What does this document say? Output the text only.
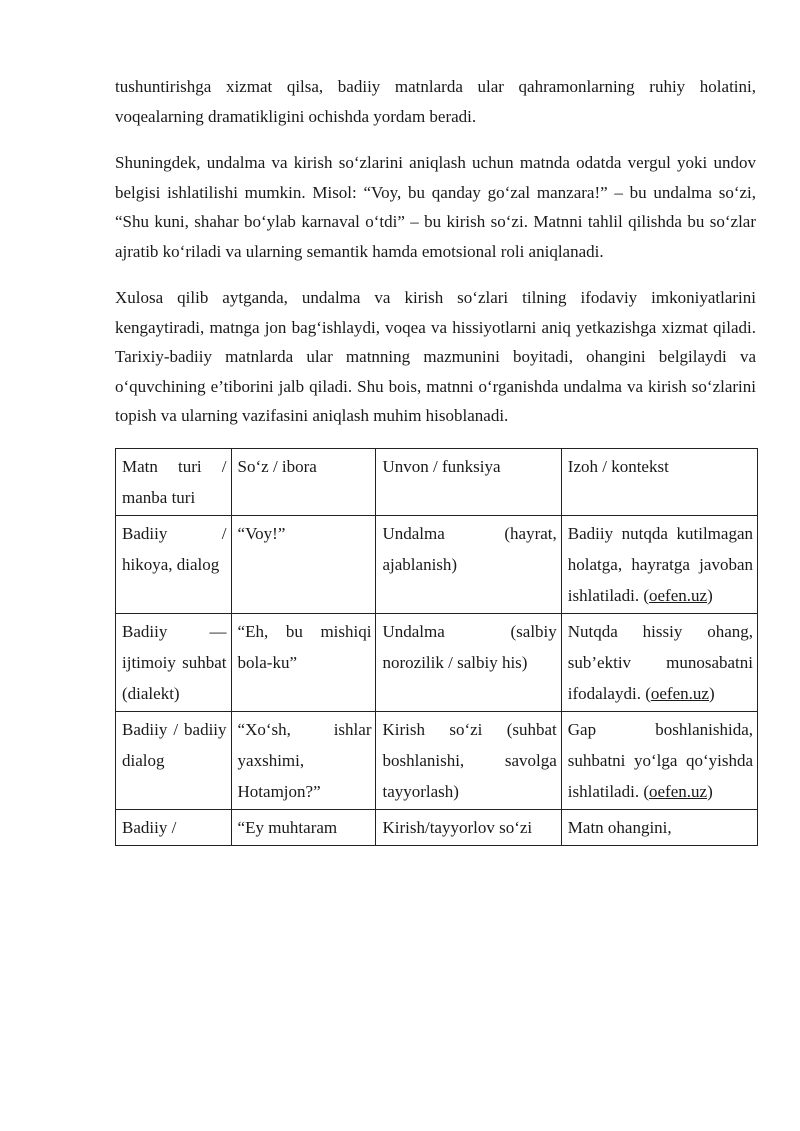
tushuntirishga xizmat qilsa, badiiy matnlarda ular qahramonlarning ruhiy holatini, voqealarning dramatikligini ochishda yordam beradi.

Shuningdek, undalma va kirish so‘zlarini aniqlash uchun matnda odatda vergul yoki undov belgisi ishlatilishi mumkin. Misol: “Voy, bu qanday go‘zal manzara!” – bu undalma so‘zi, “Shu kuni, shahar bo‘ylab karnaval o‘tdi” – bu kirish so‘zi. Matnni tahlil qilishda bu so‘zlar ajratib ko‘riladi va ularning semantik hamda emotsional roli aniqlanadi.

Xulosa qilib aytganda, undalma va kirish so‘zlari tilning ifodaviy imkoniyatlarini kengaytiradi, matnga jon bag‘ishlaydi, voqea va hissiyotlarni aniq yetkazishga xizmat qiladi. Tarixiy-badiiy matnlarda ular matnning mazmunini boyitadi, ohangini belgilaydi va o‘quvchining e’tiborini jalb qiladi. Shu bois, matnni o‘rganishda undalma va kirish so‘zlarini topish va ularning vazifasini aniqlash muhim hisoblanadi.

Matn turi / manba turi	So‘z / ibora	Unvon / funksiya	Izoh / kontekst
Badiiy / hikoya, dialog	“Voy!”	Undalma (hayrat, ajablanish)	Badiiy nutqda kutilmagan holatga, hayratga javoban ishlatiladi. (oefen.uz)
Badiiy — ijtimoiy suhbat (dialekt)	“Eh, bu mishiqi bola-ku”	Undalma (salbiy norozilik / salbiy his)	Nutqda hissiy ohang, sub’ektiv munosabatni ifodalaydi. (oefen.uz)
Badiiy / badiiy dialog	“Xo‘sh, ishlar yaxshimi, Hotamjon?”	Kirish so‘zi (suhbat boshlanishi, savolga tayyorlash)	Gap boshlanishida, suhbatni yo‘lga qo‘yishda ishlatiladi. (oefen.uz)
Badiiy /	“Ey muhtaram	Kirish/tayyorlov so‘zi	Matn ohangini,
